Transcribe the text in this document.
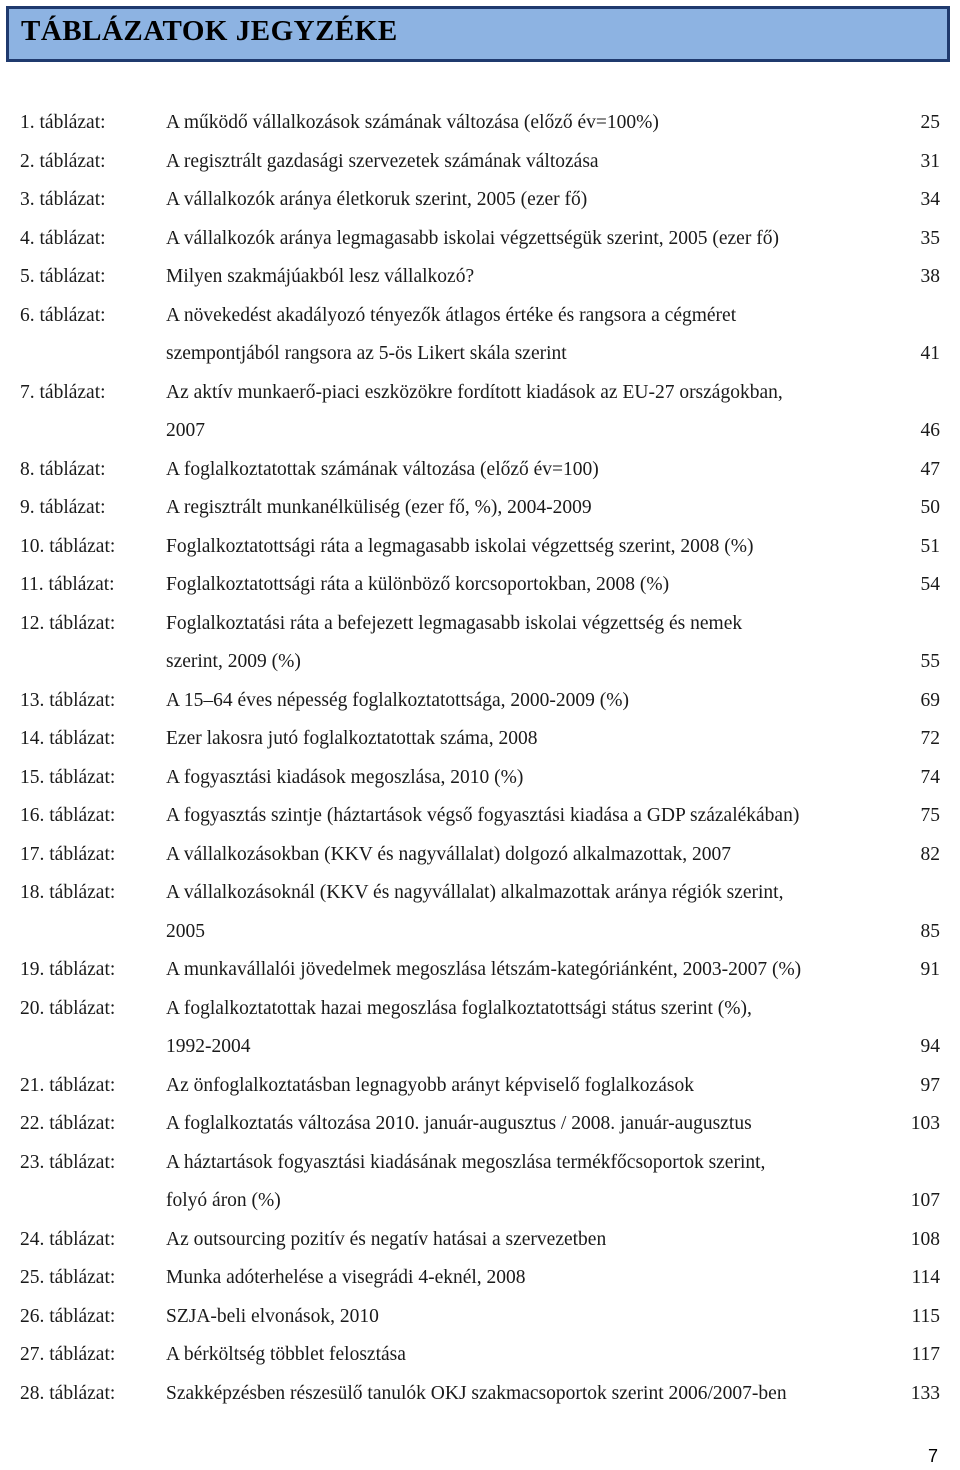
TÁBLÁZATOK JEGYZÉKE
1. táblázat:	A működő vállalkozások számának változása (előző év=100%)	25
2. táblázat:	A regisztrált gazdasági szervezetek számának változása	31
3. táblázat:	A vállalkozók aránya életkoruk szerint, 2005 (ezer fő)	34
4. táblázat:	A vállalkozók aránya legmagasabb iskolai végzettségük szerint, 2005 (ezer fő)	35
5. táblázat:	Milyen szakmájúakból lesz vállalkozó?	38
6. táblázat:	A növekedést akadályozó tényezők átlagos értéke és rangsora a cégméret
szempontjából rangsora az 5-ös Likert skála szerint	41
7. táblázat:	Az aktív munkaerő-piaci eszközökre fordított kiadások az EU-27 országokban,
2007	46
8. táblázat:	A foglalkoztatottak számának változása (előző év=100)	47
9. táblázat:	A regisztrált munkanélküliség (ezer fő, %), 2004-2009	50
10. táblázat:	Foglalkoztatottsági ráta a legmagasabb iskolai végzettség szerint, 2008 (%)	51
11. táblázat:	Foglalkoztatottsági ráta a különböző korcsoportokban, 2008 (%)	54
12. táblázat:	Foglalkoztatási ráta a befejezett legmagasabb iskolai végzettség és nemek
szerint, 2009 (%)	55
13. táblázat:	A 15–64 éves népesség foglalkoztatottsága, 2000-2009 (%)	69
14. táblázat:	Ezer lakosra jutó foglalkoztatottak száma, 2008	72
15. táblázat:	A fogyasztási kiadások megoszlása, 2010 (%)	74
16. táblázat:	A fogyasztás szintje (háztartások végső fogyasztási kiadása a GDP százalékában)	75
17. táblázat:	A vállalkozásokban (KKV és nagyvállalat) dolgozó alkalmazottak, 2007	82
18. táblázat:	A vállalkozásoknál (KKV és nagyvállalat) alkalmazottak aránya régiók szerint,
2005	85
19. táblázat:	A munkavállalói jövedelmek megoszlása létszám-kategóriánként, 2003-2007 (%)	91
20. táblázat:	A foglalkoztatottak hazai megoszlása foglalkoztatottsági státus szerint (%),
1992-2004	94
21. táblázat:	Az önfoglalkoztatásban legnagyobb arányt képviselő foglalkozások	97
22. táblázat:	A foglalkoztatás változása 2010. január-augusztus / 2008. január-augusztus	103
23. táblázat:	A háztartások fogyasztási kiadásának megoszlása termékfőcsoportok szerint,
folyó áron (%)	107
24. táblázat:	Az outsourcing pozitív és negatív hatásai a szervezetben	108
25. táblázat:	Munka adóterhelése a visegrádi 4-eknél, 2008	114
26. táblázat:	SZJA-beli elvonások, 2010	115
27. táblázat:	A bérköltség többlet felosztása	117
28. táblázat:	Szakképzésben részesülő tanulók OKJ szakmacsoportok szerint 2006/2007-ben	133
7
